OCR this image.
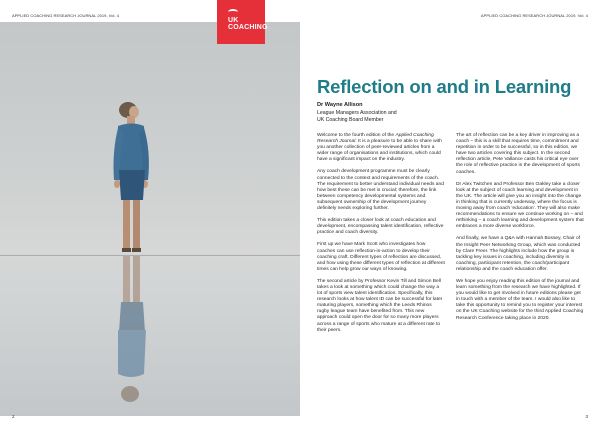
APPLIED COACHING RESEARCH JOURNAL 2019, Vol. 4	APPLIED COACHING RESEARCH JOURNAL 2019, Vol. 4
UK
COACHING
Reflection on and in Learning
Dr Wayne Allison
League Managers Association and
UK Coaching Board Member

Welcome to the fourth edition of the Applied Coaching Research Journal. It is a pleasure to be able to share with you another collection of peer-reviewed articles from a wider range of organisations and institutions, which could have a significant impact on the industry.

Any coach development programme must be clearly connected to the context and requirements of the coach. The requirement to better understand individual needs and how best these can be met is crucial; therefore, the link between competency developmental systems and subsequent ownership of the development journey definitely needs exploring further.

This edition takes a closer look at coach education and development, encompassing talent identification, reflective practice and coach diversity.

First up we have Mark Scott who investigates how coaches can use reflection-in-action to develop their coaching craft. Different types of reflection are discussed, and how using these different types of reflection at different times can help grow our ways of knowing.

The second article by Professor Kevin Till and Simon Bell takes a look at something which could change the way a lot of sports view talent identification. Specifically, this research looks at how talent ID can be successful for later maturing players, something which the Leeds Rhinos rugby league team have benefited from. This new approach could open the door for so many more players across a range of sports who mature at a different rate to their peers.

The art of reflection can be a key driver in improving as a coach – this is a skill that requires time, commitment and repetition in order to be successful, so in this edition, we have two articles covering this subject. In the second reflection article, Pete Vallance casts his critical eye over the role of reflective practice in the development of sports coaches.

Dr Alex Twitchen and Professor Ben Oakley take a closer look at the subject of coach learning and development in the UK. The article will give you an insight into the change in thinking that is currently underway, where the focus is moving away from coach 'education'. They will also make recommendations to ensure we continue working on – and rethinking – a coach learning and development system that embraces a more diverse workforce.

And finally, we have a Q&A with Hannah Bossey, Chair of the Insight Peer Networking Group, which was conducted by Clare Freer. The highlights include how the group is tackling key issues in coaching, including diversity in coaching, participant retention, the coach/participant relationship and the coach education offer.

We hope you enjoy reading this edition of the journal and learn something from the research we have highlighted. If you would like to get involved in future editions please get in touch with a member of the team. I would also like to take this opportunity to remind you to register your interest on the UK Coaching website for the third Applied Coaching Research Conference taking place in 2020.

2	3
